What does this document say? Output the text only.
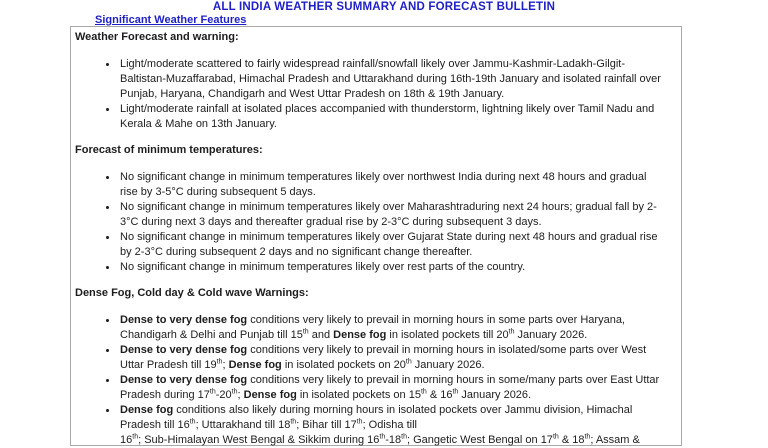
ALL INDIA WEATHER SUMMARY AND FORECAST BULLETIN
Significant Weather Features
Weather Forecast and warning:
• Light/moderate scattered to fairly widespread rainfall/snowfall likely over Jammu-Kashmir-Ladakh-Gilgit-Baltistan-Muzaffarabad, Himachal Pradesh and Uttarakhand during 16th-19th January and isolated rainfall over Punjab, Haryana, Chandigarh and West Uttar Pradesh on 18th & 19th January.
• Light/moderate rainfall at isolated places accompanied with thunderstorm, lightning likely over Tamil Nadu and Kerala & Mahe on 13th January.
Forecast of minimum temperatures:
• No significant change in minimum temperatures likely over northwest India during next 48 hours and gradual rise by 3-5°C during subsequent 5 days.
• No significant change in minimum temperatures likely over Maharashtraduring next 24 hours; gradual fall by 2-3°C during next 3 days and thereafter gradual rise by 2-3°C during subsequent 3 days.
• No significant change in minimum temperatures likely over Gujarat State during next 48 hours and gradual rise by 2-3°C during subsequent 2 days and no significant change thereafter.
• No significant change in minimum temperatures likely over rest parts of the country.
Dense Fog, Cold day & Cold wave Warnings:
• Dense to very dense fog conditions very likely to prevail in morning hours in some parts over Haryana, Chandigarh & Delhi and Punjab till 15th and Dense fog in isolated pockets till 20th January 2026.
• Dense to very dense fog conditions very likely to prevail in morning hours in isolated/some parts over West Uttar Pradesh till 19th; Dense fog in isolated pockets on 20th January 2026.
• Dense to very dense fog conditions very likely to prevail in morning hours in some/many parts over East Uttar Pradesh during 17th-20th; Dense fog in isolated pockets on 15th & 16th January 2026.
• Dense fog conditions also likely during morning hours in isolated pockets over Jammu division, Himachal Pradesh till 16th; Uttarakhand till 18th; Bihar till 17th; Odisha till
16th; Sub-Himalayan West Bengal & Sikkim during 16th-18th; Gangetic West Bengal on 17th & 18th; Assam &
